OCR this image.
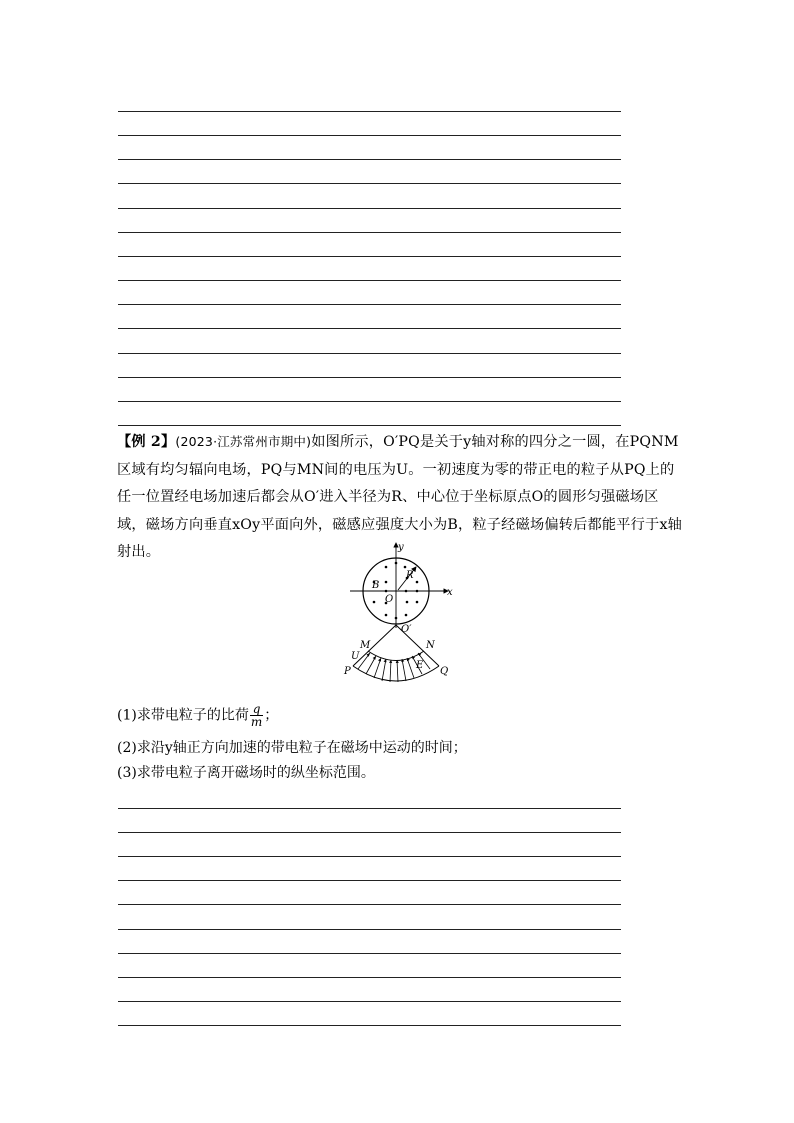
【例 2】(2023·江苏常州市期中)如图所示，O′PQ是关于y轴对称的四分之一圆，在PQNM区域有均匀辐向电场，PQ与MN间的电压为U。一初速度为零的带正电的粒子从PQ上的任一位置经电场加速后都会从O′进入半径为R、中心位于坐标原点O的圆形匀强磁场区域，磁场方向垂直xOy平面向外，磁感应强度大小为B，粒子经磁场偏转后都能平行于x轴射出。	y
x
B
R
O
O′
M	N
U
E
P	Q
(1)求带电粒子的比荷 $\frac{q}{m}$ ；
(2)求沿y轴正方向加速的带电粒子在磁场中运动的时间；
(3)求带电粒子离开磁场时的纵坐标范围。
